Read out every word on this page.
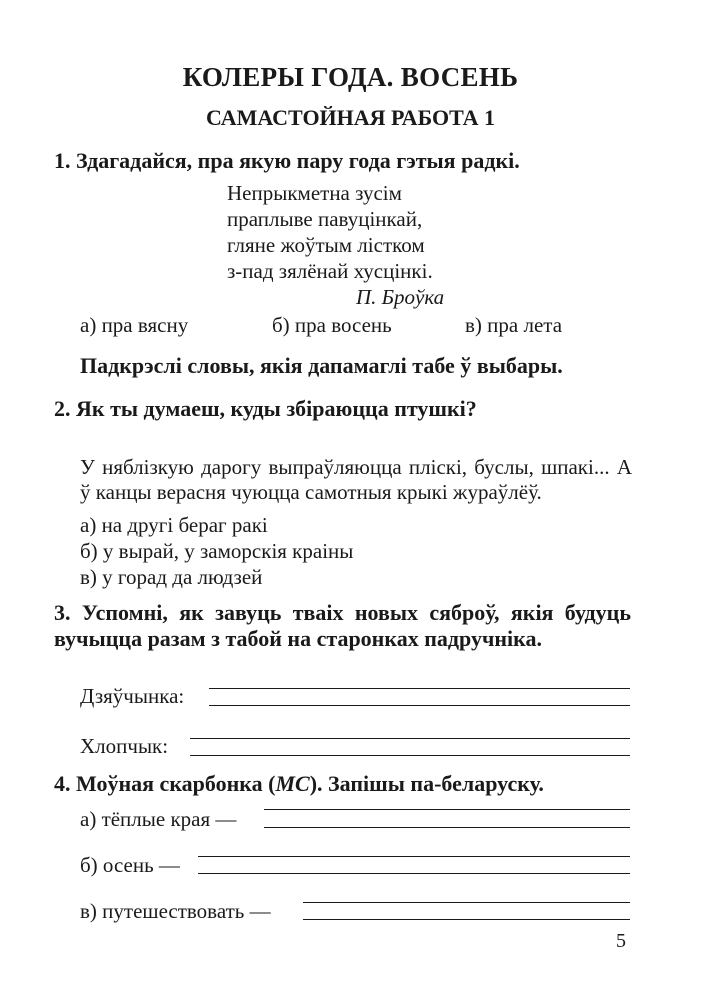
КОЛЕРЫ ГОДА. ВОСЕНЬ
САМАСТОЙНАЯ РАБОТА 1
1. Здагадайся, пра якую пару года гэтыя радкі.
Непрыкметна зусім
праплыве павуцінкай,
гляне жоўтым лістком
з-пад зялёнай хусцінкі.
П. Броўка
а) пра вясну	б) пра восень	в) пра лета
Падкрэслі словы, якія дапамаглі табе ў выбары.
2. Як ты думаеш, куды збіраюцца птушкі?
У няблізкую дарогу выпраўляюцца пліскі, буслы, шпакі... А ў канцы верасня чуюцца самотныя крыкі жураўлёў.
а) на другі бераг ракі
б) у вырай, у заморскія краіны
в) у горад да людзей
3. Успомні, як завуць тваіх новых сяброў, якія будуць вучыцца разам з табой на старонках падручніка.
Дзяўчынка:
Хлопчык:
4. Моўная скарбонка (МС). Запішы па-беларуску.
а) тёплые края —
б) осень —
в) путешествовать —
5
